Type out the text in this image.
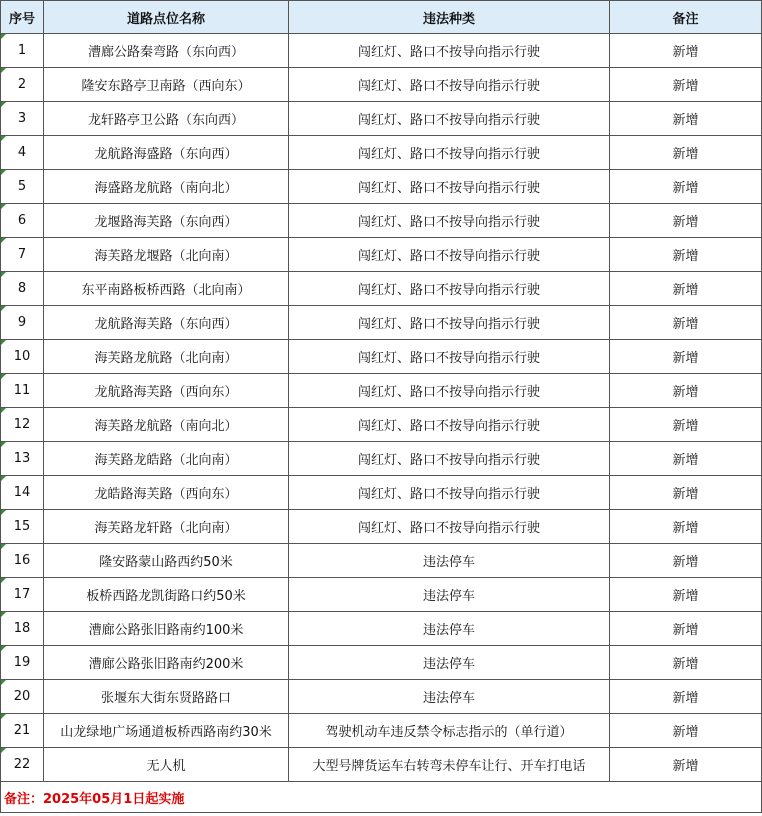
序号	道路点位名称	违法种类	备注
1	漕廊公路秦弯路（东向西）	闯红灯、路口不按导向指示行驶	新增
2	隆安东路亭卫南路（西向东）	闯红灯、路口不按导向指示行驶	新增
3	龙轩路亭卫公路（东向西）	闯红灯、路口不按导向指示行驶	新增
4	龙航路海盛路（东向西）	闯红灯、路口不按导向指示行驶	新增
5	海盛路龙航路（南向北）	闯红灯、路口不按导向指示行驶	新增
6	龙堰路海芙路（东向西）	闯红灯、路口不按导向指示行驶	新增
7	海芙路龙堰路（北向南）	闯红灯、路口不按导向指示行驶	新增
8	东平南路板桥西路（北向南）	闯红灯、路口不按导向指示行驶	新增
9	龙航路海芙路（东向西）	闯红灯、路口不按导向指示行驶	新增
10	海芙路龙航路（北向南）	闯红灯、路口不按导向指示行驶	新增
11	龙航路海芙路（西向东）	闯红灯、路口不按导向指示行驶	新增
12	海芙路龙航路（南向北）	闯红灯、路口不按导向指示行驶	新增
13	海芙路龙皓路（北向南）	闯红灯、路口不按导向指示行驶	新增
14	龙皓路海芙路（西向东）	闯红灯、路口不按导向指示行驶	新增
15	海芙路龙轩路（北向南）	闯红灯、路口不按导向指示行驶	新增
16	隆安路蒙山路西约50米	违法停车	新增
17	板桥西路龙凯街路口约50米	违法停车	新增
18	漕廊公路张旧路南约100米	违法停车	新增
19	漕廊公路张旧路南约200米	违法停车	新增
20	张堰东大街东贤路路口	违法停车	新增
21	山龙绿地广场通道板桥西路南约30米	驾驶机动车违反禁令标志指示的（单行道）	新增
22	无人机	大型号牌货运车右转弯未停车让行、开车打电话	新增
备注：2025年05月1日起实施			
